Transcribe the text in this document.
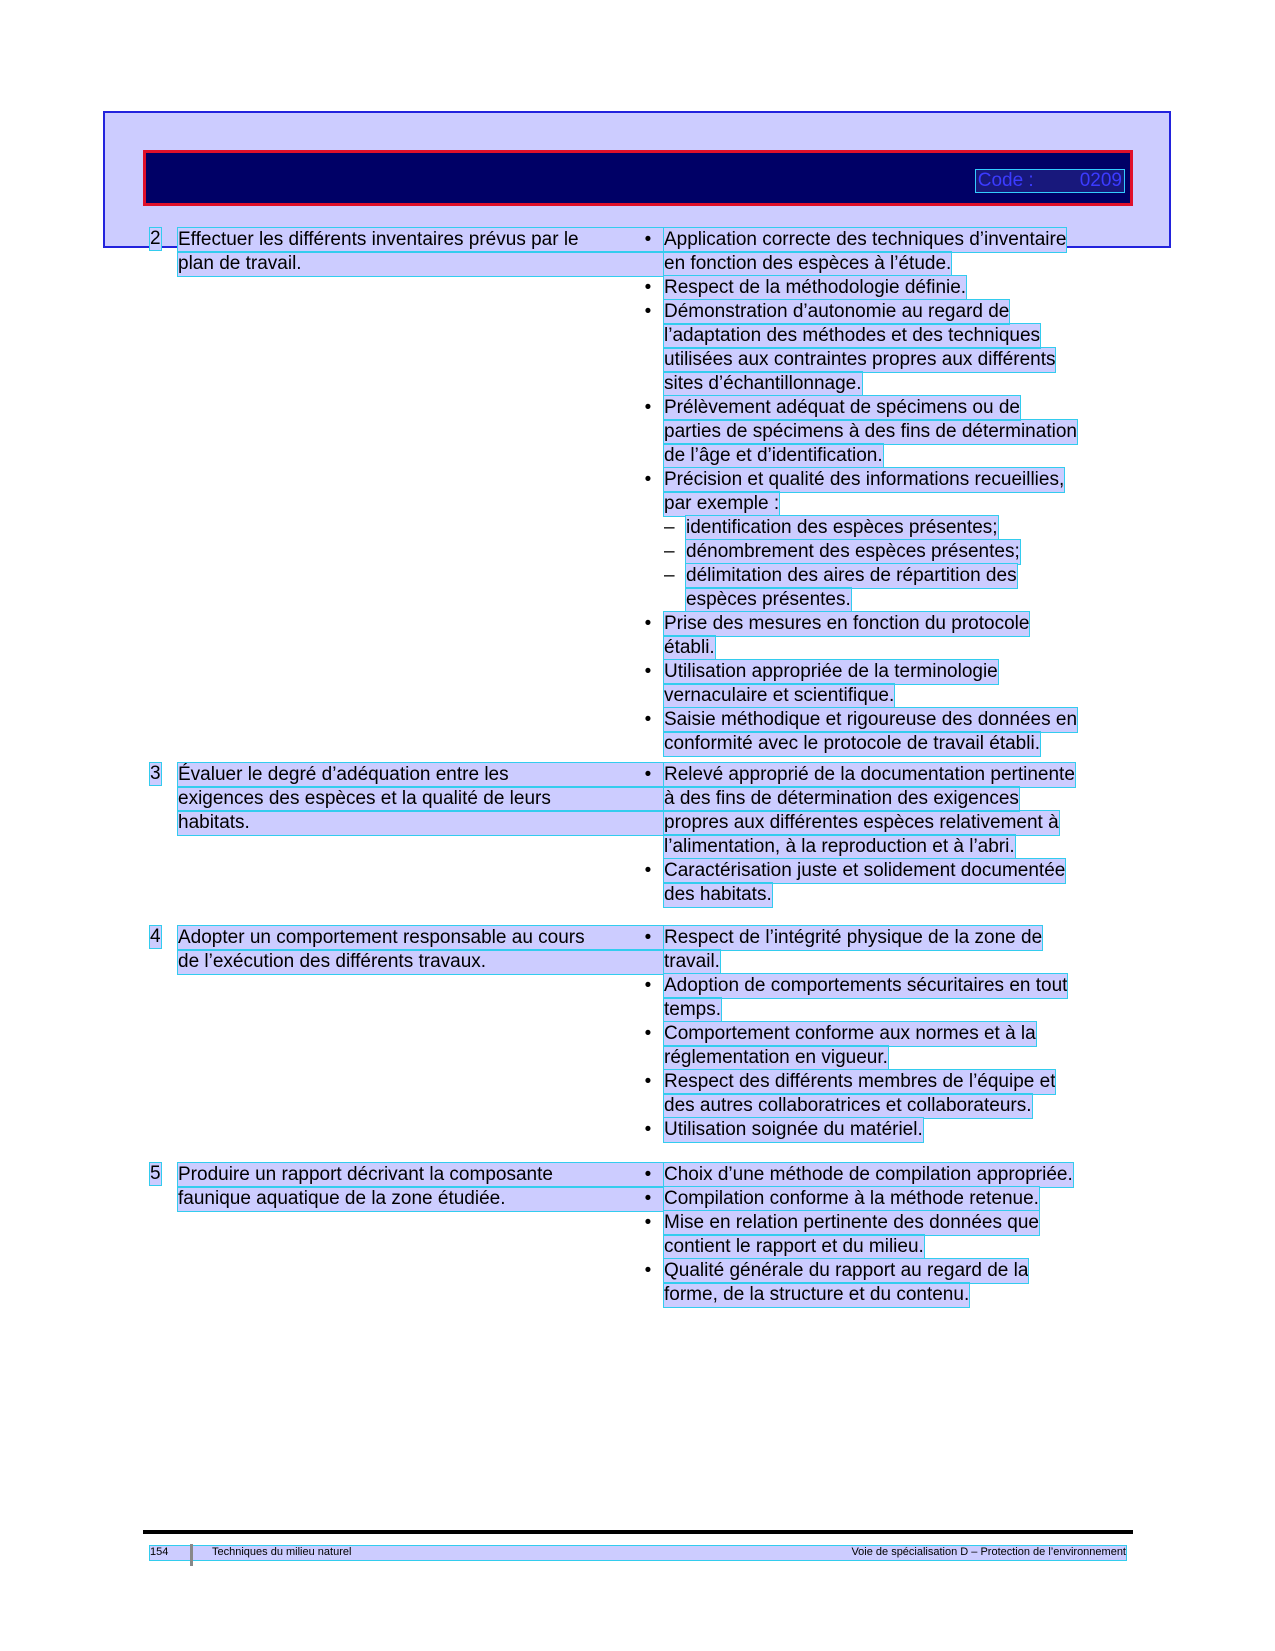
Code : 0209
2 Effectuer les différents inventaires prévus par le
plan de travail.
• Application correcte des techniques d’inventaire
en fonction des espèces à l’étude.
• Respect de la méthodologie définie.
• Démonstration d’autonomie au regard de
l’adaptation des méthodes et des techniques
utilisées aux contraintes propres aux différents
sites d’échantillonnage.
• Prélèvement adéquat de spécimens ou de
parties de spécimens à des fins de détermination
de l’âge et d’identification.
• Précision et qualité des informations recueillies,
par exemple :
– identification des espèces présentes;
– dénombrement des espèces présentes;
– délimitation des aires de répartition des
espèces présentes.
• Prise des mesures en fonction du protocole
établi.
• Utilisation appropriée de la terminologie
vernaculaire et scientifique.
• Saisie méthodique et rigoureuse des données en
conformité avec le protocole de travail établi.
3 Évaluer le degré d’adéquation entre les
exigences des espèces et la qualité de leurs
habitats.
• Relevé approprié de la documentation pertinente
à des fins de détermination des exigences
propres aux différentes espèces relativement à
l’alimentation, à la reproduction et à l’abri.
• Caractérisation juste et solidement documentée
des habitats.
4 Adopter un comportement responsable au cours
de l’exécution des différents travaux.
• Respect de l’intégrité physique de la zone de
travail.
• Adoption de comportements sécuritaires en tout
temps.
• Comportement conforme aux normes et à la
réglementation en vigueur.
• Respect des différents membres de l’équipe et
des autres collaboratrices et collaborateurs.
• Utilisation soignée du matériel.
5 Produire un rapport décrivant la composante
faunique aquatique de la zone étudiée.
• Choix d’une méthode de compilation appropriée.
• Compilation conforme à la méthode retenue.
• Mise en relation pertinente des données que
contient le rapport et du milieu.
• Qualité générale du rapport au regard de la
forme, de la structure et du contenu.
154	Techniques du milieu naturel	Voie de spécialisation D – Protection de l’environnement
